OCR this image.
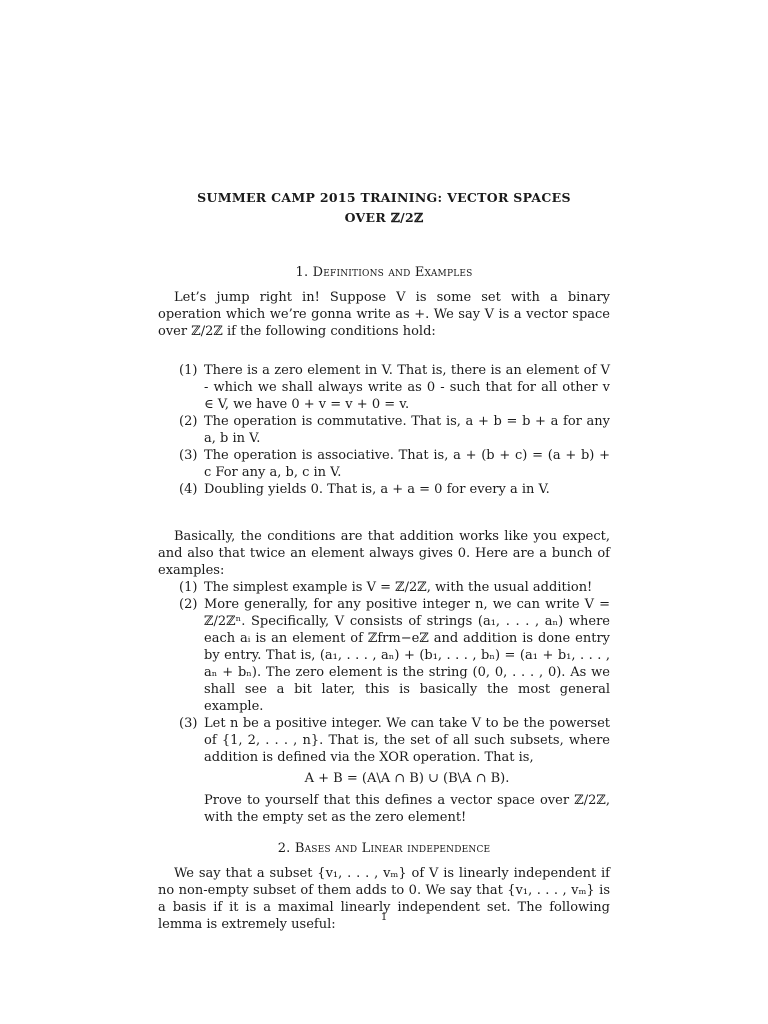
SUMMER CAMP 2015 TRAINING: VECTOR SPACES
OVER ℤ/2ℤ
1. Definitions and Examples

Let’s jump right in! Suppose V is some set with a binary operation which we’re gonna write as +. We say V is a vector space over ℤ/2ℤ if the following conditions hold:

(1) There is a zero element in V. That is, there is an element of V - which we shall always write as 0 - such that for all other v ∈ V, we have 0 + v = v + 0 = v.
(2) The operation is commutative. That is, a + b = b + a for any a, b in V.
(3) The operation is associative. That is, a + (b + c) = (a + b) + c For any a, b, c in V.
(4) Doubling yields 0. That is, a + a = 0 for every a in V.

Basically, the conditions are that addition works like you expect, and also that twice an element always gives 0. Here are a bunch of examples:

(1) The simplest example is V = ℤ/2ℤ, with the usual addition!
(2) More generally, for any positive integer n, we can write V = ℤ/2ℤⁿ. Specifically, V consists of strings (a₁, . . . , aₙ) where each aᵢ is an element of ℤfrm−eℤ and addition is done entry by entry. That is, (a₁, . . . , aₙ) + (b₁, . . . , bₙ) = (a₁ + b₁, . . . , aₙ + bₙ). The zero element is the string (0, 0, . . . , 0). As we shall see a bit later, this is basically the most general example.
(3) Let n be a positive integer. We can take V to be the powerset of {1, 2, . . . , n}. That is, the set of all such subsets, where addition is defined via the XOR operation. That is,
A + B = (A\A ∩ B) ∪ (B\A ∩ B).
Prove to yourself that this defines a vector space over ℤ/2ℤ, with the empty set as the zero element!
2. Bases and Linear independence

We say that a subset {v₁, . . . , vₘ} of V is linearly independent if no non-empty subset of them adds to 0. We say that {v₁, . . . , vₘ} is a basis if it is a maximal linearly independent set. The following lemma is extremely useful:	1
